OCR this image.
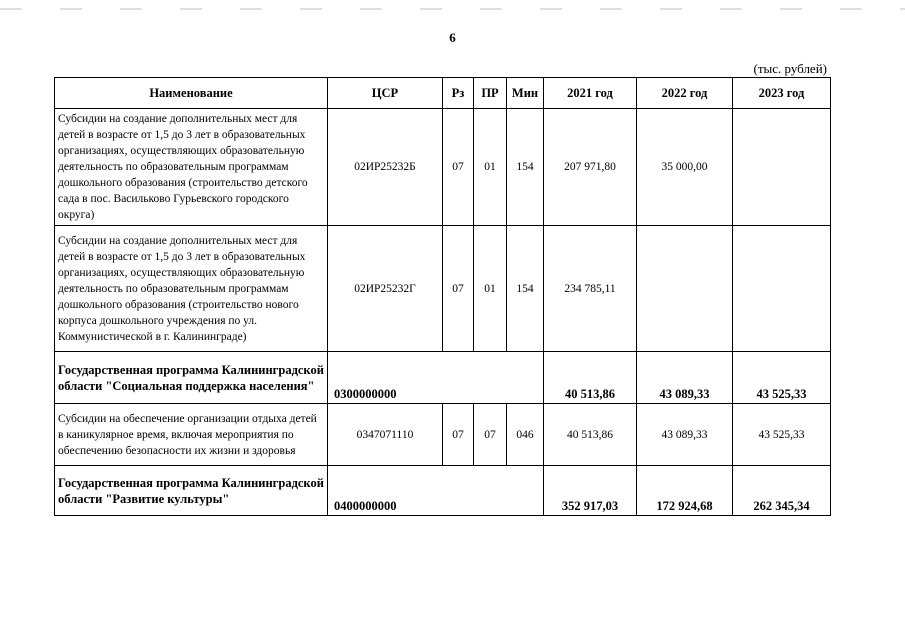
6
(тыс. рублей)
Наименование	ЦСР	Рз	ПР	Мин	2021 год	2022 год	2023 год
Субсидии на создание дополнительных мест для детей в возрасте от 1,5 до 3 лет в образовательных организациях, осуществляющих образовательную деятельность по образовательным программам дошкольного образования (строительство детского сада в пос. Васильково Гурьевского городского округа)	02ИР25232Б	07	01	154	207 971,80	35 000,00	
Субсидии на создание дополнительных мест для детей в возрасте от 1,5 до 3 лет в образовательных организациях, осуществляющих образовательную деятельность по образовательным программам дошкольного образования (строительство нового корпуса дошкольного учреждения по ул. Коммунистической в г. Калининграде)	02ИР25232Г	07	01	154	234 785,11		
Государственная программа Калининградской области "Социальная поддержка населения"	0300000000				40 513,86	43 089,33	43 525,33
Субсидии на обеспечение организации отдыха детей в каникулярное время, включая мероприятия по обеспечению безопасности их жизни и здоровья	0347071110	07	07	046	40 513,86	43 089,33	43 525,33
Государственная программа Калининградской области "Развитие культуры"	0400000000				352 917,03	172 924,68	262 345,34
